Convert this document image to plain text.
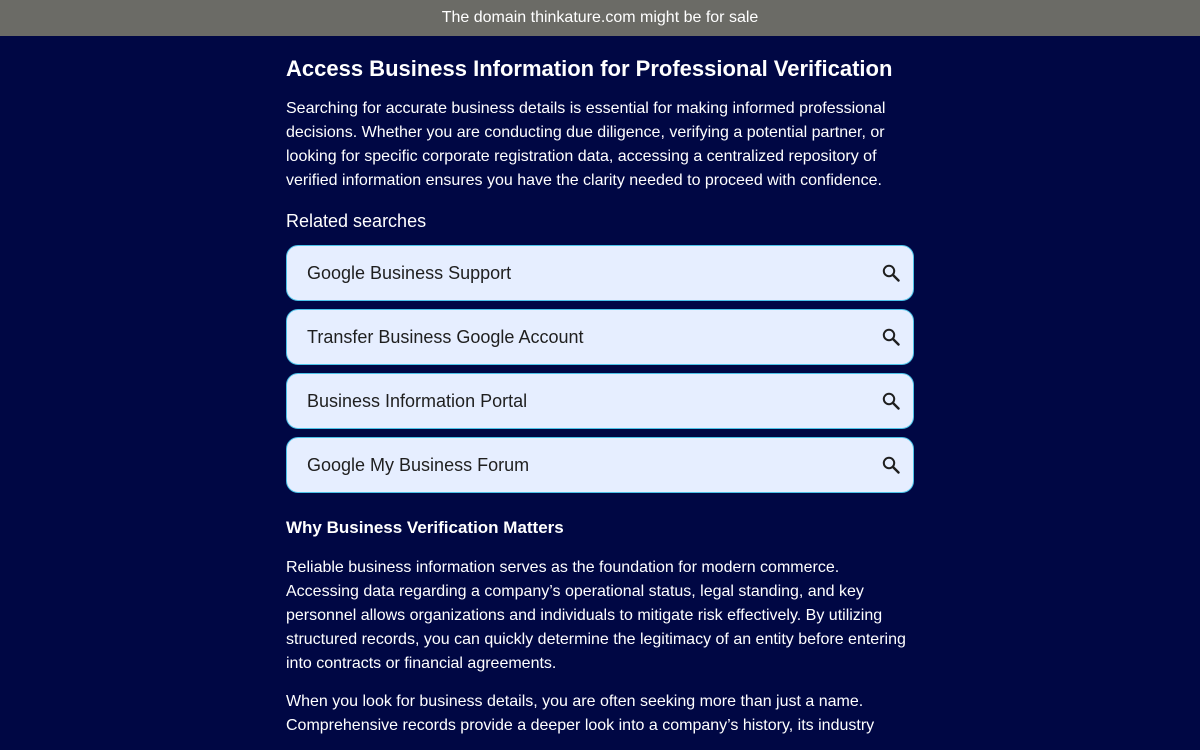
The domain thinkature.com might be for sale
Access Business Information for Professional Verification

Searching for accurate business details is essential for making informed professional decisions. Whether you are conducting due diligence, verifying a potential partner, or looking for specific corporate registration data, accessing a centralized repository of verified information ensures you have the clarity needed to proceed with confidence.

Related searches
Google Business Support
Transfer Business Google Account
Business Information Portal
Google My Business Forum
Why Business Verification Matters

Reliable business information serves as the foundation for modern commerce. Accessing data regarding a company’s operational status, legal standing, and key personnel allows organizations and individuals to mitigate risk effectively. By utilizing structured records, you can quickly determine the legitimacy of an entity before entering into contracts or financial agreements.

When you look for business details, you are often seeking more than just a name. Comprehensive records provide a deeper look into a company’s history, its industry
